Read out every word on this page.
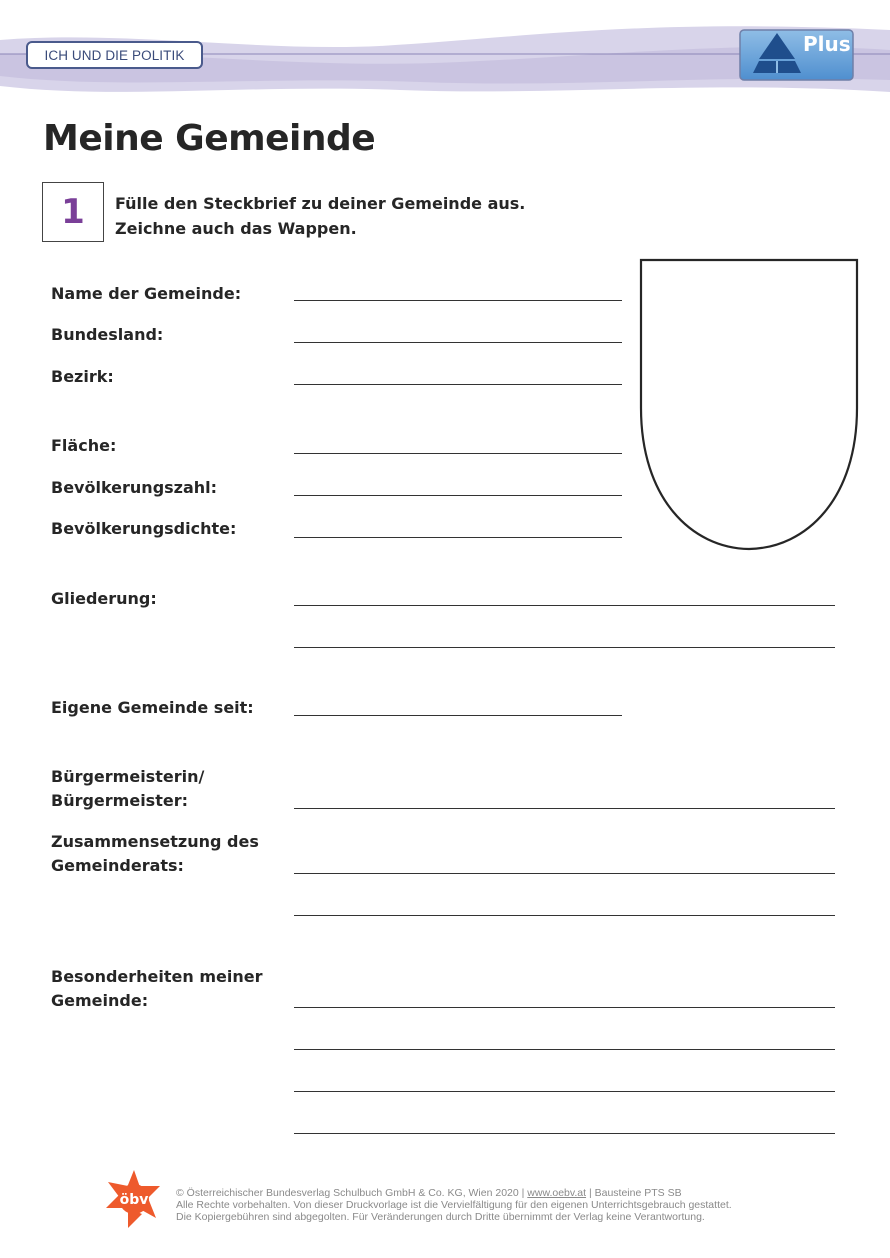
ICH UND DIE POLITIK	Plus
Meine Gemeinde
1 Fülle den Steckbrief zu deiner Gemeinde aus.
Zeichne auch das Wappen.
Name der Gemeinde:
Bundesland:
Bezirk:
Fläche:
Bevölkerungszahl:
Bevölkerungsdichte:
Gliederung:
Eigene Gemeinde seit:
Bürgermeisterin/
Bürgermeister:
Zusammensetzung des
Gemeinderats:
Besonderheiten meiner
Gemeinde:
öbv	© Österreichischer Bundesverlag Schulbuch GmbH & Co. KG, Wien 2020 | www.oebv.at | Bausteine PTS SB
Alle Rechte vorbehalten. Von dieser Druckvorlage ist die Vervielfältigung für den eigenen Unterrichtsgebrauch gestattet.
Die Kopiergebühren sind abgegolten. Für Veränderungen durch Dritte übernimmt der Verlag keine Verantwortung.
